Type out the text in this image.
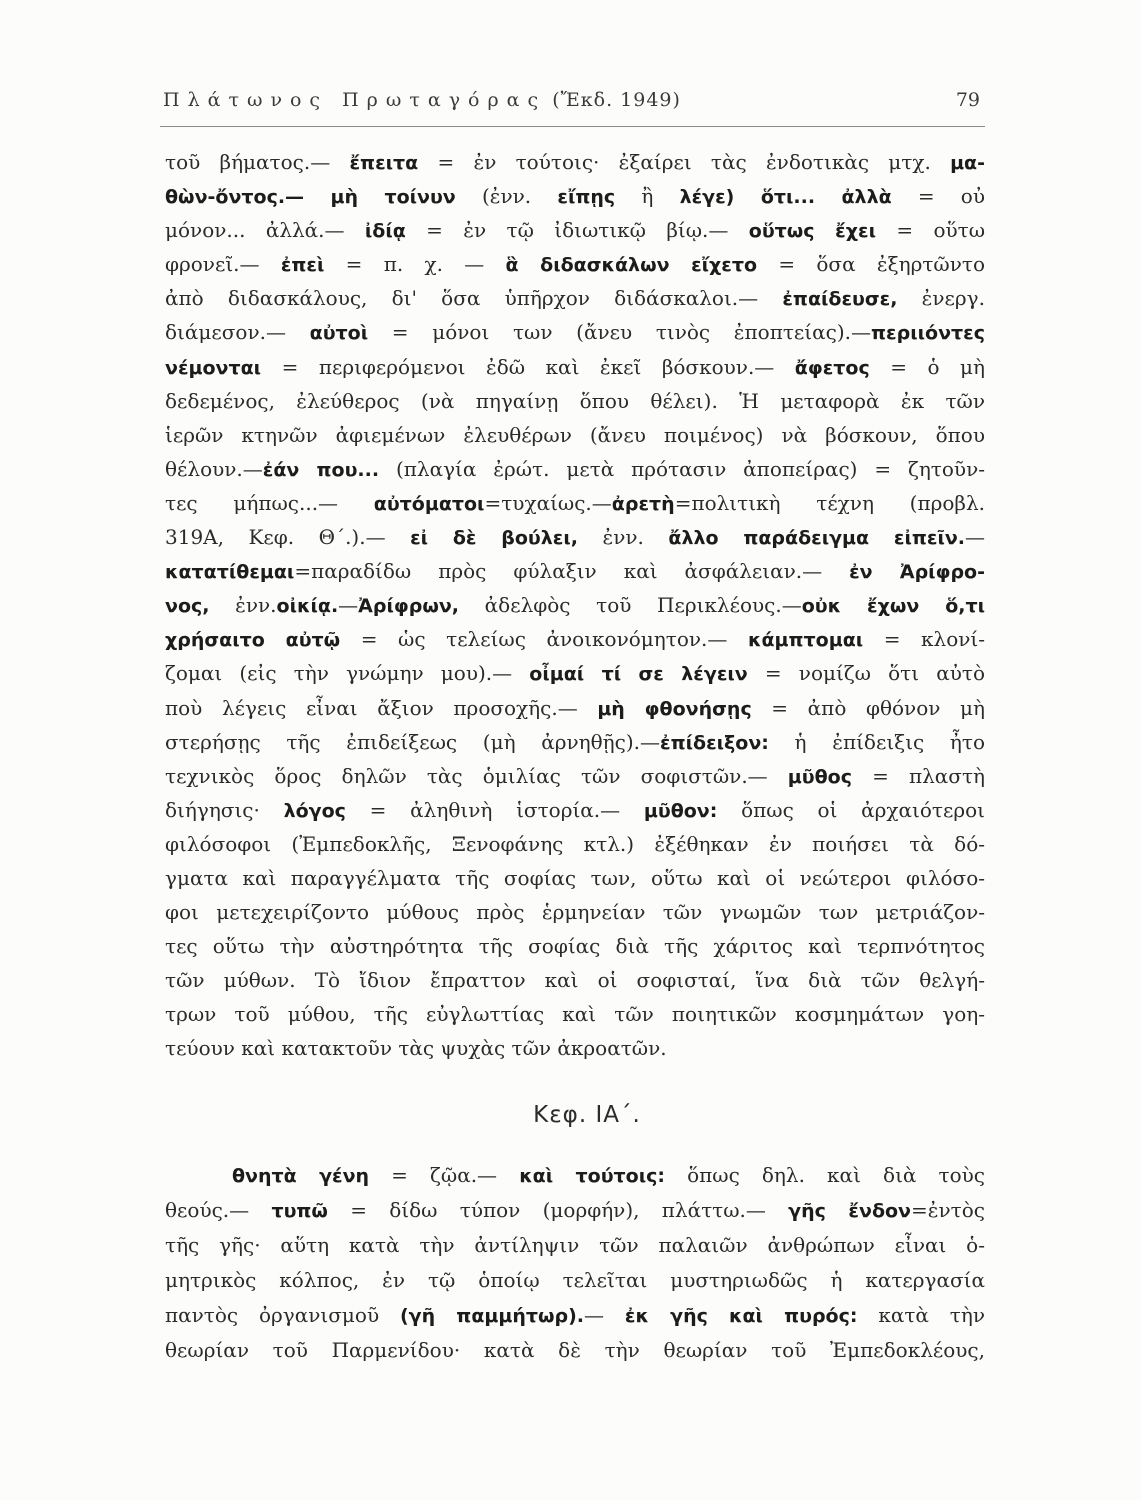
Πλάτωνος Πρωταγόρας (Ἔκδ. 1949)	79
τοῦ βήματος.— ἔπειτα = ἐν τούτοις· ἐξαίρει τὰς ἐνδοτικὰς μτχ. μα-
θὼν-ὄντος.— μὴ τοίνυν (ἐνν. εἴπῃς ἢ λέγε) ὅτι... ἀλλὰ = οὐ
μόνον... ἀλλά.— ἰδίᾳ = ἐν τῷ ἰδιωτικῷ βίῳ.— οὕτως ἔχει = οὕτω
φρονεῖ.— ἐπεὶ = π. χ. — ἃ διδασκάλων εἴχετο = ὅσα ἐξηρτῶντο
ἀπὸ διδασκάλους, δι' ὅσα ὑπῆρχον διδάσκαλοι.— ἐπαίδευσε, ἐνεργ.
διάμεσον.— αὐτοὶ = μόνοι των (ἄνευ τινὸς ἐποπτείας).—περιιόντες
νέμονται = περιφερόμενοι ἐδῶ καὶ ἐκεῖ βόσκουν.— ἄφετος = ὁ μὴ
δεδεμένος, ἐλεύθερος (νὰ πηγαίνῃ ὅπου θέλει). Ἡ μεταφορὰ ἐκ τῶν
ἱερῶν κτηνῶν ἀφιεμένων ἐλευθέρων (ἄνευ ποιμένος) νὰ βόσκουν, ὅπου
θέλουν.—ἐάν που... (πλαγία ἐρώτ. μετὰ πρότασιν ἀποπείρας) = ζητοῦν-
τες μήπως...— αὐτόματοι=τυχαίως.—ἀρετὴ=πολιτικὴ τέχνη (προβλ.
319Α, Κεφ. Θ΄.).— εἰ δὲ βούλει, ἐνν. ἄλλο παράδειγμα εἰπεῖν.—
κατατίθεμαι=παραδίδω πρὸς φύλαξιν καὶ ἀσφάλειαν.— ἐν Ἀρίφρο-
νος, ἐνν.οἰκίᾳ.—Ἀρίφρων, ἀδελφὸς τοῦ Περικλέους.—οὐκ ἔχων ὅ,τι
χρήσαιτο αὐτῷ = ὡς τελείως ἀνοικονόμητον.— κάμπτομαι = κλονί-
ζομαι (εἰς τὴν γνώμην μου).— οἶμαί τί σε λέγειν = νομίζω ὅτι αὐτὸ
ποὺ λέγεις εἶναι ἄξιον προσοχῆς.— μὴ φθονήσῃς = ἀπὸ φθόνον μὴ
στερήσῃς τῆς ἐπιδείξεως (μὴ ἀρνηθῇς).—ἐπίδειξον: ἡ ἐπίδειξις ἦτο
τεχνικὸς ὅρος δηλῶν τὰς ὁμιλίας τῶν σοφιστῶν.— μῦθος = πλαστὴ
διήγησις· λόγος = ἀληθινὴ ἱστορία.— μῦθον: ὅπως οἱ ἀρχαιότεροι
φιλόσοφοι (Ἐμπεδοκλῆς, Ξενοφάνης κτλ.) ἐξέθηκαν ἐν ποιήσει τὰ δό-
γματα καὶ παραγγέλματα τῆς σοφίας των, οὕτω καὶ οἱ νεώτεροι φιλόσο-
φοι μετεχειρίζοντο μύθους πρὸς ἑρμηνείαν τῶν γνωμῶν των μετριάζον-
τες οὕτω τὴν αὐστηρότητα τῆς σοφίας διὰ τῆς χάριτος καὶ τερπνότητος
τῶν μύθων. Τὸ ἴδιον ἔπραττον καὶ οἱ σοφισταί, ἵνα διὰ τῶν θελγή-
τρων τοῦ μύθου, τῆς εὐγλωττίας καὶ τῶν ποιητικῶν κοσμημάτων γοη-
τεύουν καὶ κατακτοῦν τὰς ψυχὰς τῶν ἀκροατῶν.
Κεφ. ΙΑ΄.
θνητὰ γένη = ζῷα.— καὶ τούτοις: ὅπως δηλ. καὶ διὰ τοὺς
θεούς.— τυπῶ = δίδω τύπον (μορφήν), πλάττω.— γῆς ἔνδον=ἐντὸς
τῆς γῆς· αὕτη κατὰ τὴν ἀντίληψιν τῶν παλαιῶν ἀνθρώπων εἶναι ὁ-
μητρικὸς κόλπος, ἐν τῷ ὁποίῳ τελεῖται μυστηριωδῶς ἡ κατεργασία
παντὸς ὀργανισμοῦ (γῆ παμμήτωρ).— ἐκ γῆς καὶ πυρός: κατὰ τὴν
θεωρίαν τοῦ Παρμενίδου· κατὰ δὲ τὴν θεωρίαν τοῦ Ἐμπεδοκλέους,
